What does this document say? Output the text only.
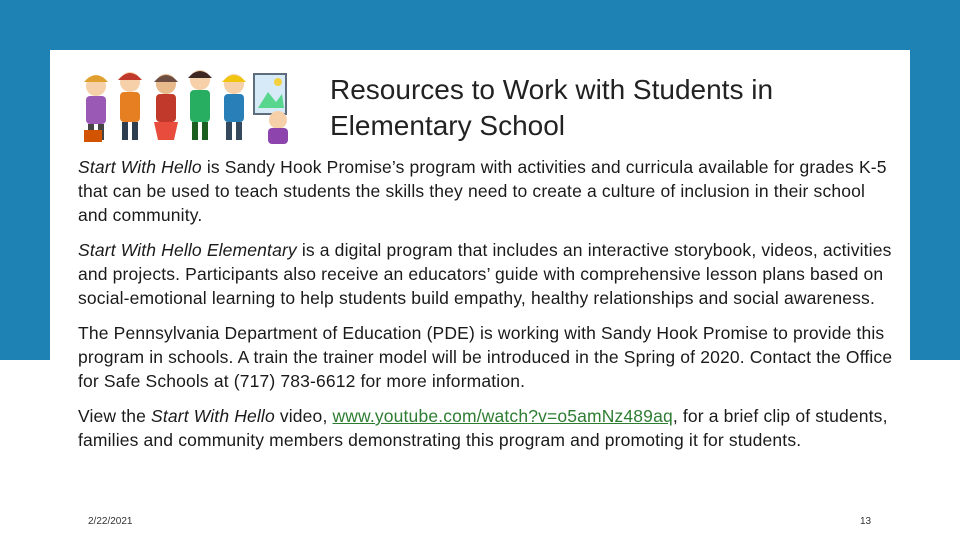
Resources to Work with Students in
Elementary School

Start With Hello is Sandy Hook Promise’s program with activities and curricula available for grades K-5 that can be used to teach students the skills they need to create a culture of inclusion in their school and community.

Start With Hello Elementary is a digital program that includes an interactive storybook, videos, activities and projects. Participants also receive an educators’ guide with comprehensive lesson plans based on social-emotional learning to help students build empathy, healthy relationships and social awareness.

The Pennsylvania Department of Education (PDE) is working with Sandy Hook Promise to provide this program in schools. A train the trainer model will be introduced in the Spring of 2020. Contact the Office for Safe Schools at (717) 783-6612 for more information.

View the Start With Hello video, www.youtube.com/watch?v=o5amNz489aq, for a brief clip of students, families and community members demonstrating this program and promoting it for students.

2/22/2021	13
